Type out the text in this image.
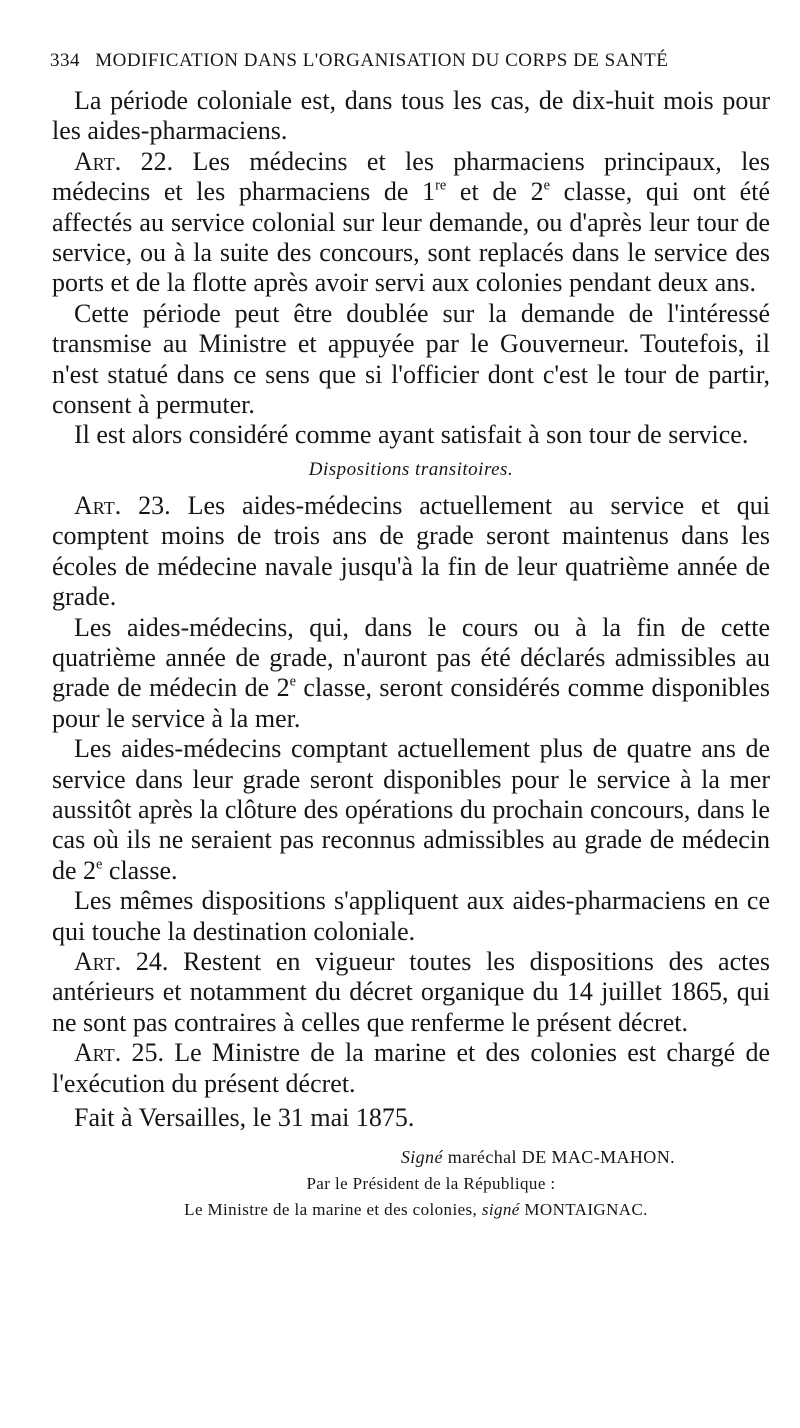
334 MODIFICATION DANS L'ORGANISATION DU CORPS DE SANTÉ

La période coloniale est, dans tous les cas, de dix-huit mois pour les aides-pharmaciens.

Art. 22. Les médecins et les pharmaciens principaux, les médecins et les pharmaciens de 1re et de 2e classe, qui ont été affectés au service colonial sur leur demande, ou d'après leur tour de service, ou à la suite des concours, sont replacés dans le service des ports et de la flotte après avoir servi aux colonies pendant deux ans.

Cette période peut être doublée sur la demande de l'intéressé transmise au Ministre et appuyée par le Gouverneur. Toutefois, il n'est statué dans ce sens que si l'officier dont c'est le tour de partir, consent à permuter.

Il est alors considéré comme ayant satisfait à son tour de service.

Dispositions transitoires.

Art. 23. Les aides-médecins actuellement au service et qui comptent moins de trois ans de grade seront maintenus dans les écoles de médecine navale jusqu'à la fin de leur quatrième année de grade.

Les aides-médecins, qui, dans le cours ou à la fin de cette quatrième année de grade, n'auront pas été déclarés admissibles au grade de médecin de 2e classe, seront considérés comme disponibles pour le service à la mer.

Les aides-médecins comptant actuellement plus de quatre ans de service dans leur grade seront disponibles pour le service à la mer aussitôt après la clôture des opérations du prochain concours, dans le cas où ils ne seraient pas reconnus admissibles au grade de médecin de 2e classe.

Les mêmes dispositions s'appliquent aux aides-pharmaciens en ce qui touche la destination coloniale.

Art. 24. Restent en vigueur toutes les dispositions des actes antérieurs et notamment du décret organique du 14 juillet 1865, qui ne sont pas contraires à celles que renferme le présent décret.

Art. 25. Le Ministre de la marine et des colonies est chargé de l'exécution du présent décret.

Fait à Versailles, le 31 mai 1875.
Signé maréchal DE MAC-MAHON.
Par le Président de la République :
Le Ministre de la marine et des colonies, signé MONTAIGNAC.
